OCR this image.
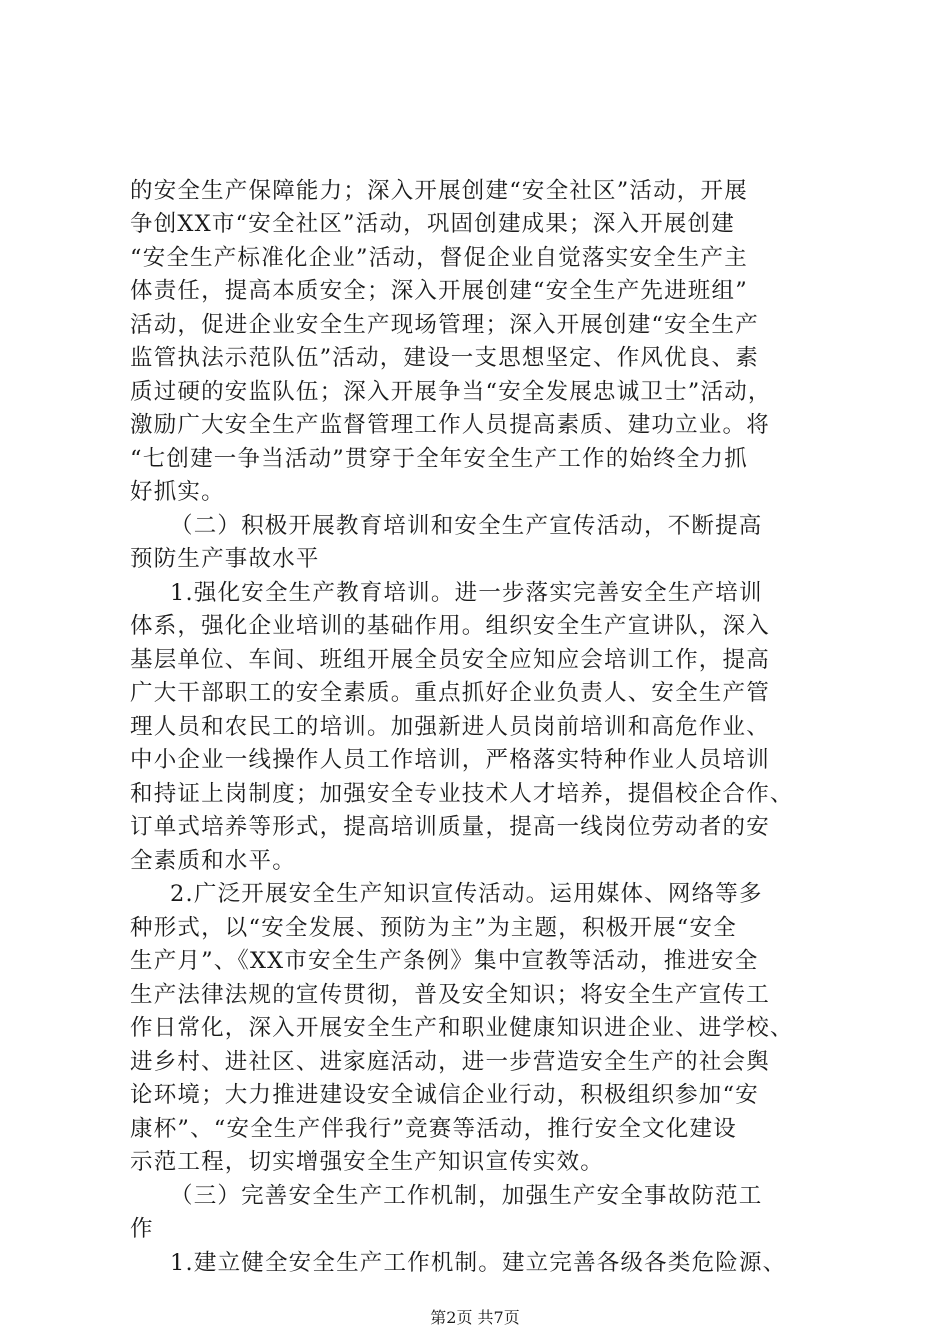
的安全生产保障能力；深入开展创建“安全社区”活动，开展
争创XX市“安全社区”活动，巩固创建成果；深入开展创建
“安全生产标准化企业”活动，督促企业自觉落实安全生产主
体责任，提高本质安全；深入开展创建“安全生产先进班组”
活动，促进企业安全生产现场管理；深入开展创建“安全生产
监管执法示范队伍”活动，建设一支思想坚定、作风优良、素
质过硬的安监队伍；深入开展争当“安全发展忠诚卫士”活动，
激励广大安全生产监督管理工作人员提高素质、建功立业。将
“七创建一争当活动”贯穿于全年安全生产工作的始终全力抓
好抓实。
（二）积极开展教育培训和安全生产宣传活动，不断提高
预防生产事故水平
1.强化安全生产教育培训。进一步落实完善安全生产培训
体系，强化企业培训的基础作用。组织安全生产宣讲队，深入
基层单位、车间、班组开展全员安全应知应会培训工作，提高
广大干部职工的安全素质。重点抓好企业负责人、安全生产管
理人员和农民工的培训。加强新进人员岗前培训和高危作业、
中小企业一线操作人员工作培训，严格落实特种作业人员培训
和持证上岗制度；加强安全专业技术人才培养，提倡校企合作、
订单式培养等形式，提高培训质量，提高一线岗位劳动者的安
全素质和水平。
2.广泛开展安全生产知识宣传活动。运用媒体、网络等多
种形式，以“安全发展、预防为主”为主题，积极开展“安全
生产月”、《XX市安全生产条例》集中宣教等活动，推进安全
生产法律法规的宣传贯彻，普及安全知识；将安全生产宣传工
作日常化，深入开展安全生产和职业健康知识进企业、进学校、
进乡村、进社区、进家庭活动，进一步营造安全生产的社会舆
论环境；大力推进建设安全诚信企业行动，积极组织参加“安
康杯”、“安全生产伴我行”竞赛等活动，推行安全文化建设
示范工程，切实增强安全生产知识宣传实效。
（三）完善安全生产工作机制，加强生产安全事故防范工
作
1.建立健全安全生产工作机制。建立完善各级各类危险源、
第2页 共7页
